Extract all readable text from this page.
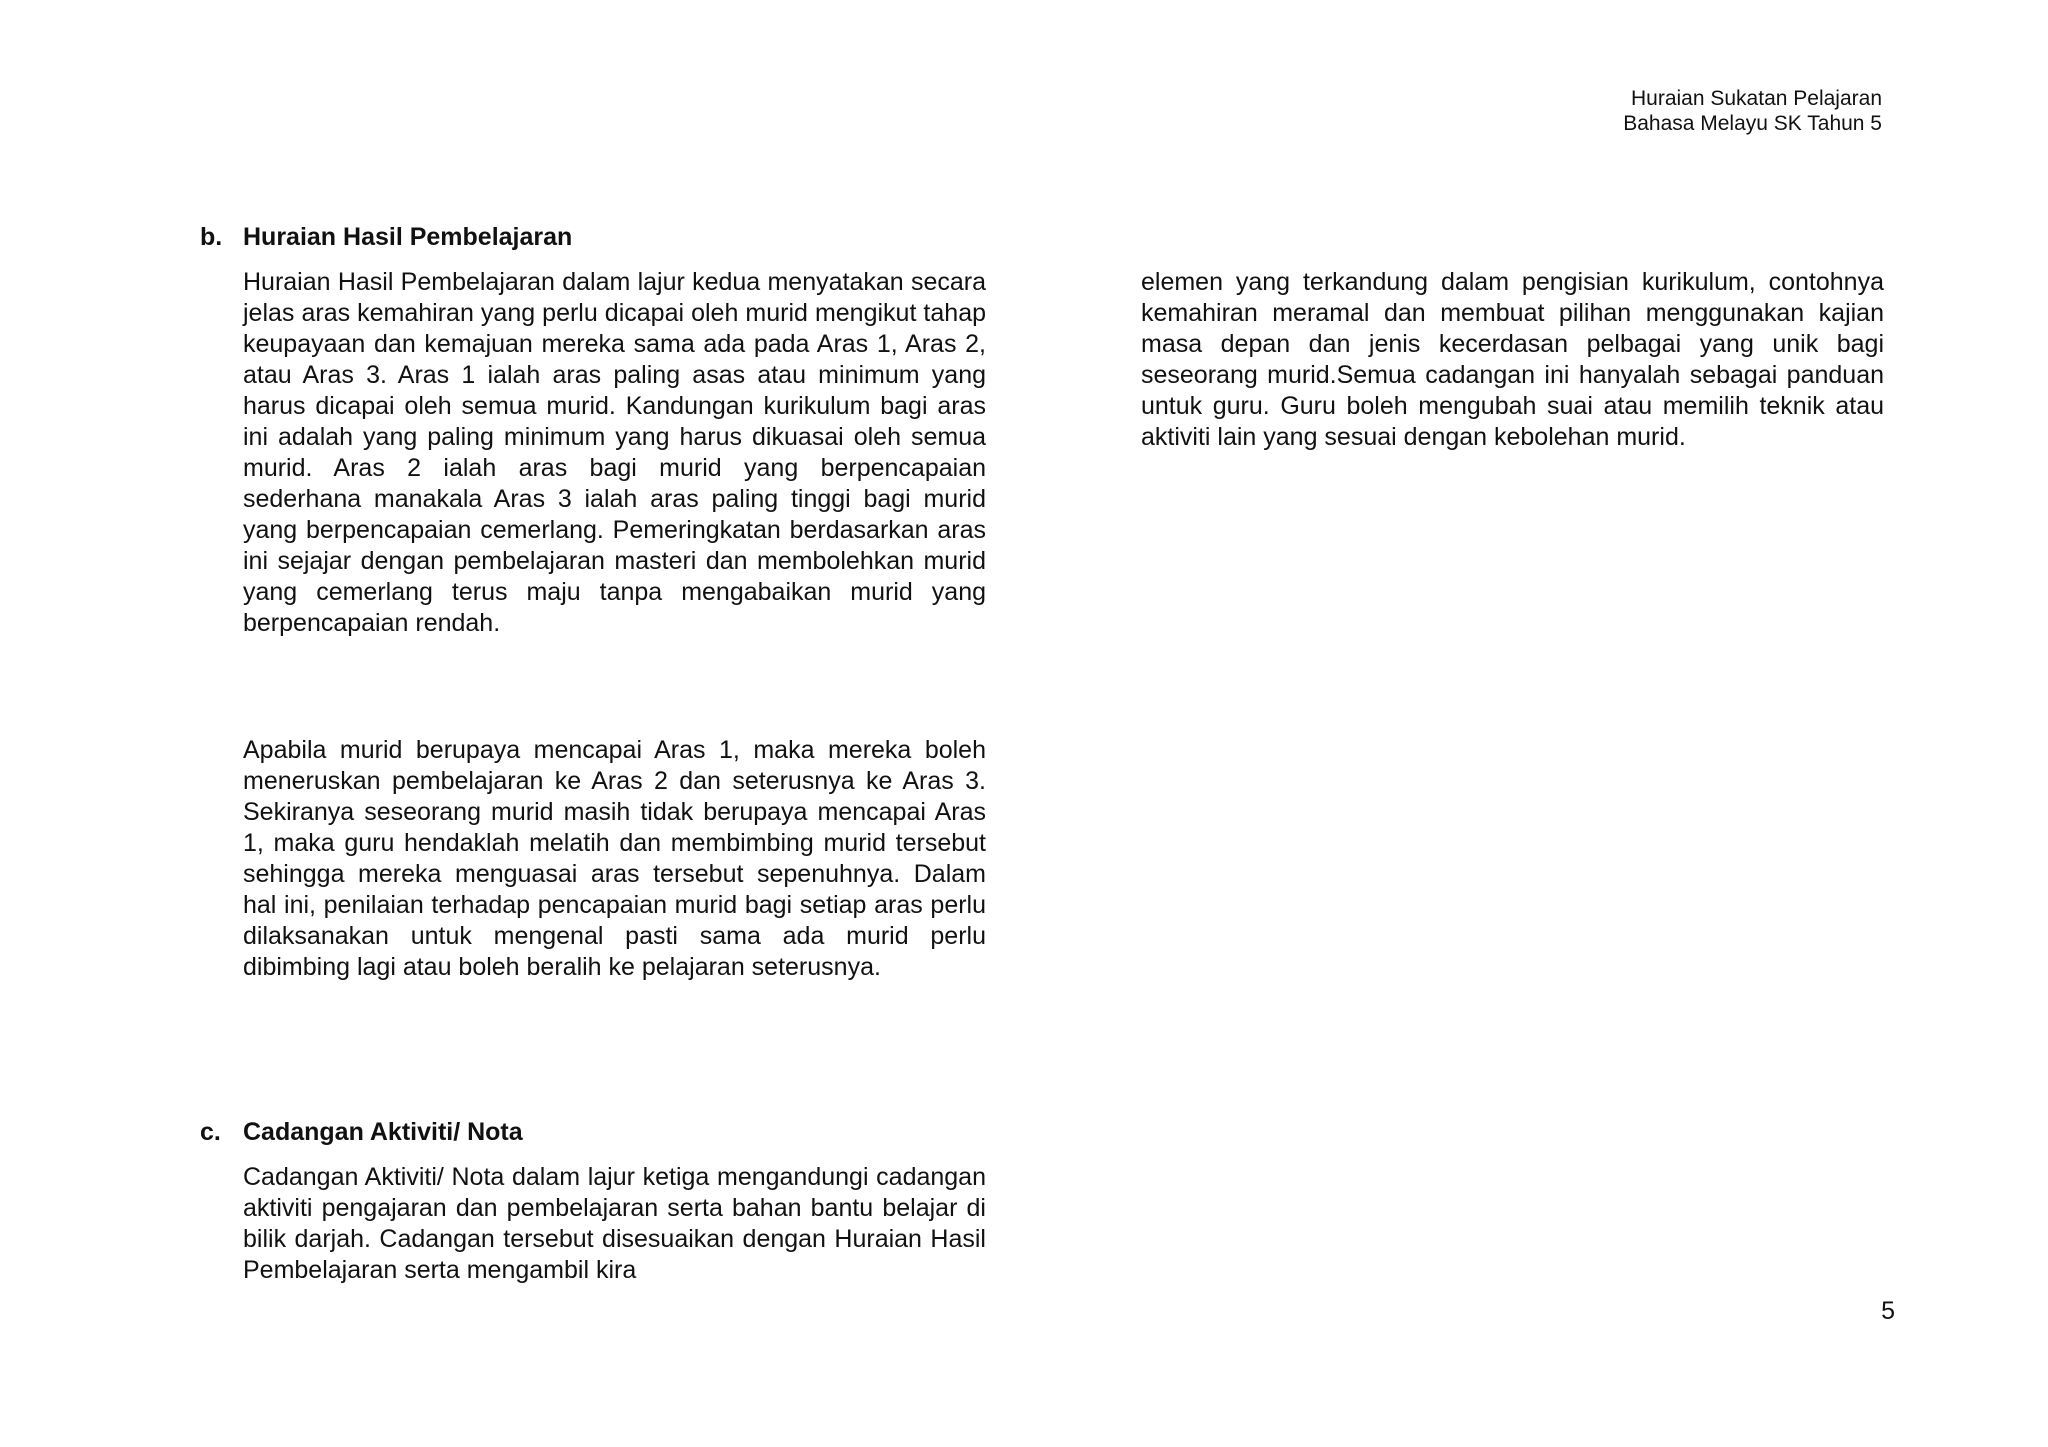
Huraian Sukatan Pelajaran
Bahasa Melayu SK Tahun 5
b. Huraian Hasil Pembelajaran

Huraian Hasil Pembelajaran dalam lajur kedua menyatakan secara jelas aras kemahiran yang perlu dicapai oleh murid mengikut tahap keupayaan dan kemajuan mereka sama ada pada Aras 1, Aras 2, atau Aras 3. Aras 1 ialah aras paling asas atau minimum yang harus dicapai oleh semua murid. Kandungan kurikulum bagi aras ini adalah yang paling minimum yang harus dikuasai oleh semua murid. Aras 2 ialah aras bagi murid yang berpencapaian sederhana manakala Aras 3 ialah aras paling tinggi bagi murid yang berpencapaian cemerlang. Pemeringkatan berdasarkan aras ini sejajar dengan pembelajaran masteri dan membolehkan murid yang cemerlang terus maju tanpa mengabaikan murid yang berpencapaian rendah.

Apabila murid berupaya mencapai Aras 1, maka mereka boleh meneruskan pembelajaran ke Aras 2 dan seterusnya ke Aras 3. Sekiranya seseorang murid masih tidak berupaya mencapai Aras 1, maka guru hendaklah melatih dan membimbing murid tersebut sehingga mereka menguasai aras tersebut sepenuhnya. Dalam hal ini, penilaian terhadap pencapaian murid bagi setiap aras perlu dilaksanakan untuk mengenal pasti sama ada murid perlu dibimbing lagi atau boleh beralih ke pelajaran seterusnya.

c. Cadangan Aktiviti/ Nota

Cadangan Aktiviti/ Nota dalam lajur ketiga mengandungi cadangan aktiviti pengajaran dan pembelajaran serta bahan bantu belajar di bilik darjah. Cadangan tersebut disesuaikan dengan Huraian Hasil Pembelajaran serta mengambil kira

elemen yang terkandung dalam pengisian kurikulum, contohnya kemahiran meramal dan membuat pilihan menggunakan kajian masa depan dan jenis kecerdasan pelbagai yang unik bagi seseorang murid.Semua cadangan ini hanyalah sebagai panduan untuk guru. Guru boleh mengubah suai atau memilih teknik atau aktiviti lain yang sesuai dengan kebolehan murid.

5
